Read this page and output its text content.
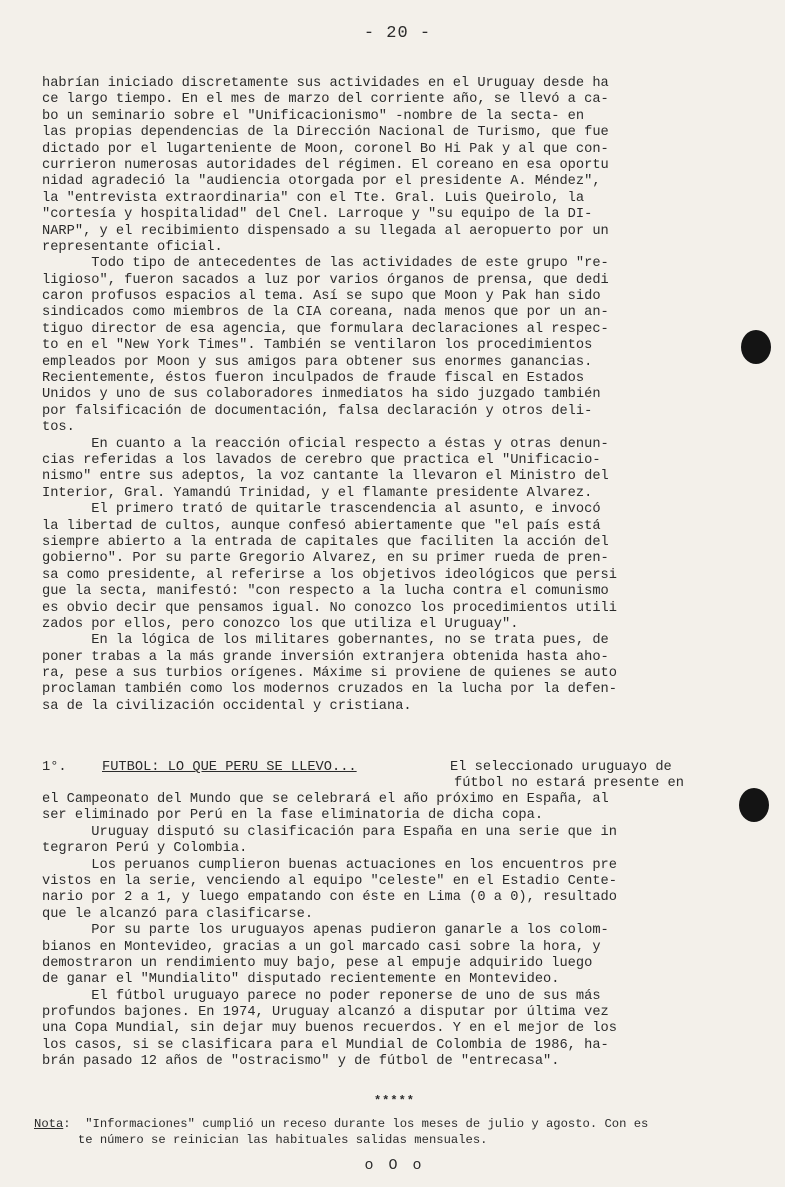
- 20 -
habrían iniciado discretamente sus actividades en el Uruguay desde ha
ce largo tiempo. En el mes de marzo del corriente año, se llevó a ca-
bo un seminario sobre el "Unificacionismo" -nombre de la secta- en
las propias dependencias de la Dirección Nacional de Turismo, que fue
dictado por el lugarteniente de Moon, coronel Bo Hi Pak y al que con-
currieron numerosas autoridades del régimen. El coreano en esa oportu
nidad agradeció la "audiencia otorgada por el presidente A. Méndez",
la "entrevista extraordinaria" con el Tte. Gral. Luis Queirolo, la
"cortesía y hospitalidad" del Cnel. Larroque y "su equipo de la DI-
NARP", y el recibimiento dispensado a su llegada al aeropuerto por un
representante oficial.
Todo tipo de antecedentes de las actividades de este grupo "re-
ligioso", fueron sacados a luz por varios órganos de prensa, que dedi
caron profusos espacios al tema. Así se supo que Moon y Pak han sido
sindicados como miembros de la CIA coreana, nada menos que por un an-
tiguo director de esa agencia, que formulara declaraciones al respec-
to en el "New York Times". También se ventilaron los procedimientos
empleados por Moon y sus amigos para obtener sus enormes ganancias.
Recientemente, éstos fueron inculpados de fraude fiscal en Estados
Unidos y uno de sus colaboradores inmediatos ha sido juzgado también
por falsificación de documentación, falsa declaración y otros deli-
tos.
En cuanto a la reacción oficial respecto a éstas y otras denun-
cias referidas a los lavados de cerebro que practica el "Unificacio-
nismo" entre sus adeptos, la voz cantante la llevaron el Ministro del
Interior, Gral. Yamandú Trinidad, y el flamante presidente Alvarez.
El primero trató de quitarle trascendencia al asunto, e invocó
la libertad de cultos, aunque confesó abiertamente que "el país está
siempre abierto a la entrada de capitales que faciliten la acción del
gobierno". Por su parte Gregorio Alvarez, en su primer rueda de pren-
sa como presidente, al referirse a los objetivos ideológicos que persi
gue la secta, manifestó: "con respecto a la lucha contra el comunismo
es obvio decir que pensamos igual. No conozco los procedimientos utili
zados por ellos, pero conozco los que utiliza el Uruguay".
En la lógica de los militares gobernantes, no se trata pues, de
poner trabas a la más grande inversión extranjera obtenida hasta aho-
ra, pese a sus turbios orígenes. Máxime si proviene de quienes se auto
proclaman también como los modernos cruzados en la lucha por la defen-
sa de la civilización occidental y cristiana.
1°.	FUTBOL: LO QUE PERU SE LLEVO...	El seleccionado uruguayo de
fútbol no estará presente en
el Campeonato del Mundo que se celebrará el año próximo en España, al
ser eliminado por Perú en la fase eliminatoria de dicha copa.
Uruguay disputó su clasificación para España en una serie que in
tegraron Perú y Colombia.
Los peruanos cumplieron buenas actuaciones en los encuentros pre
vistos en la serie, venciendo al equipo "celeste" en el Estadio Cente-
nario por 2 a 1, y luego empatando con éste en Lima (0 a 0), resultado
que le alcanzó para clasificarse.
Por su parte los uruguayos apenas pudieron ganarle a los colom-
bianos en Montevideo, gracias a un gol marcado casi sobre la hora, y
demostraron un rendimiento muy bajo, pese al empuje adquirido luego
de ganar el "Mundialito" disputado recientemente en Montevideo.
El fútbol uruguayo parece no poder reponerse de uno de sus más
profundos bajones. En 1974, Uruguay alcanzó a disputar por última vez
una Copa Mundial, sin dejar muy buenos recuerdos. Y en el mejor de los
los casos, si se clasificara para el Mundial de Colombia de 1986, ha-
brán pasado 12 años de "ostracismo" y de fútbol de "entrecasa".
*****
Nota:  "Informaciones" cumplió un receso durante los meses de julio y agosto. Con es
te número se reinician las habituales salidas mensuales.
o O o
